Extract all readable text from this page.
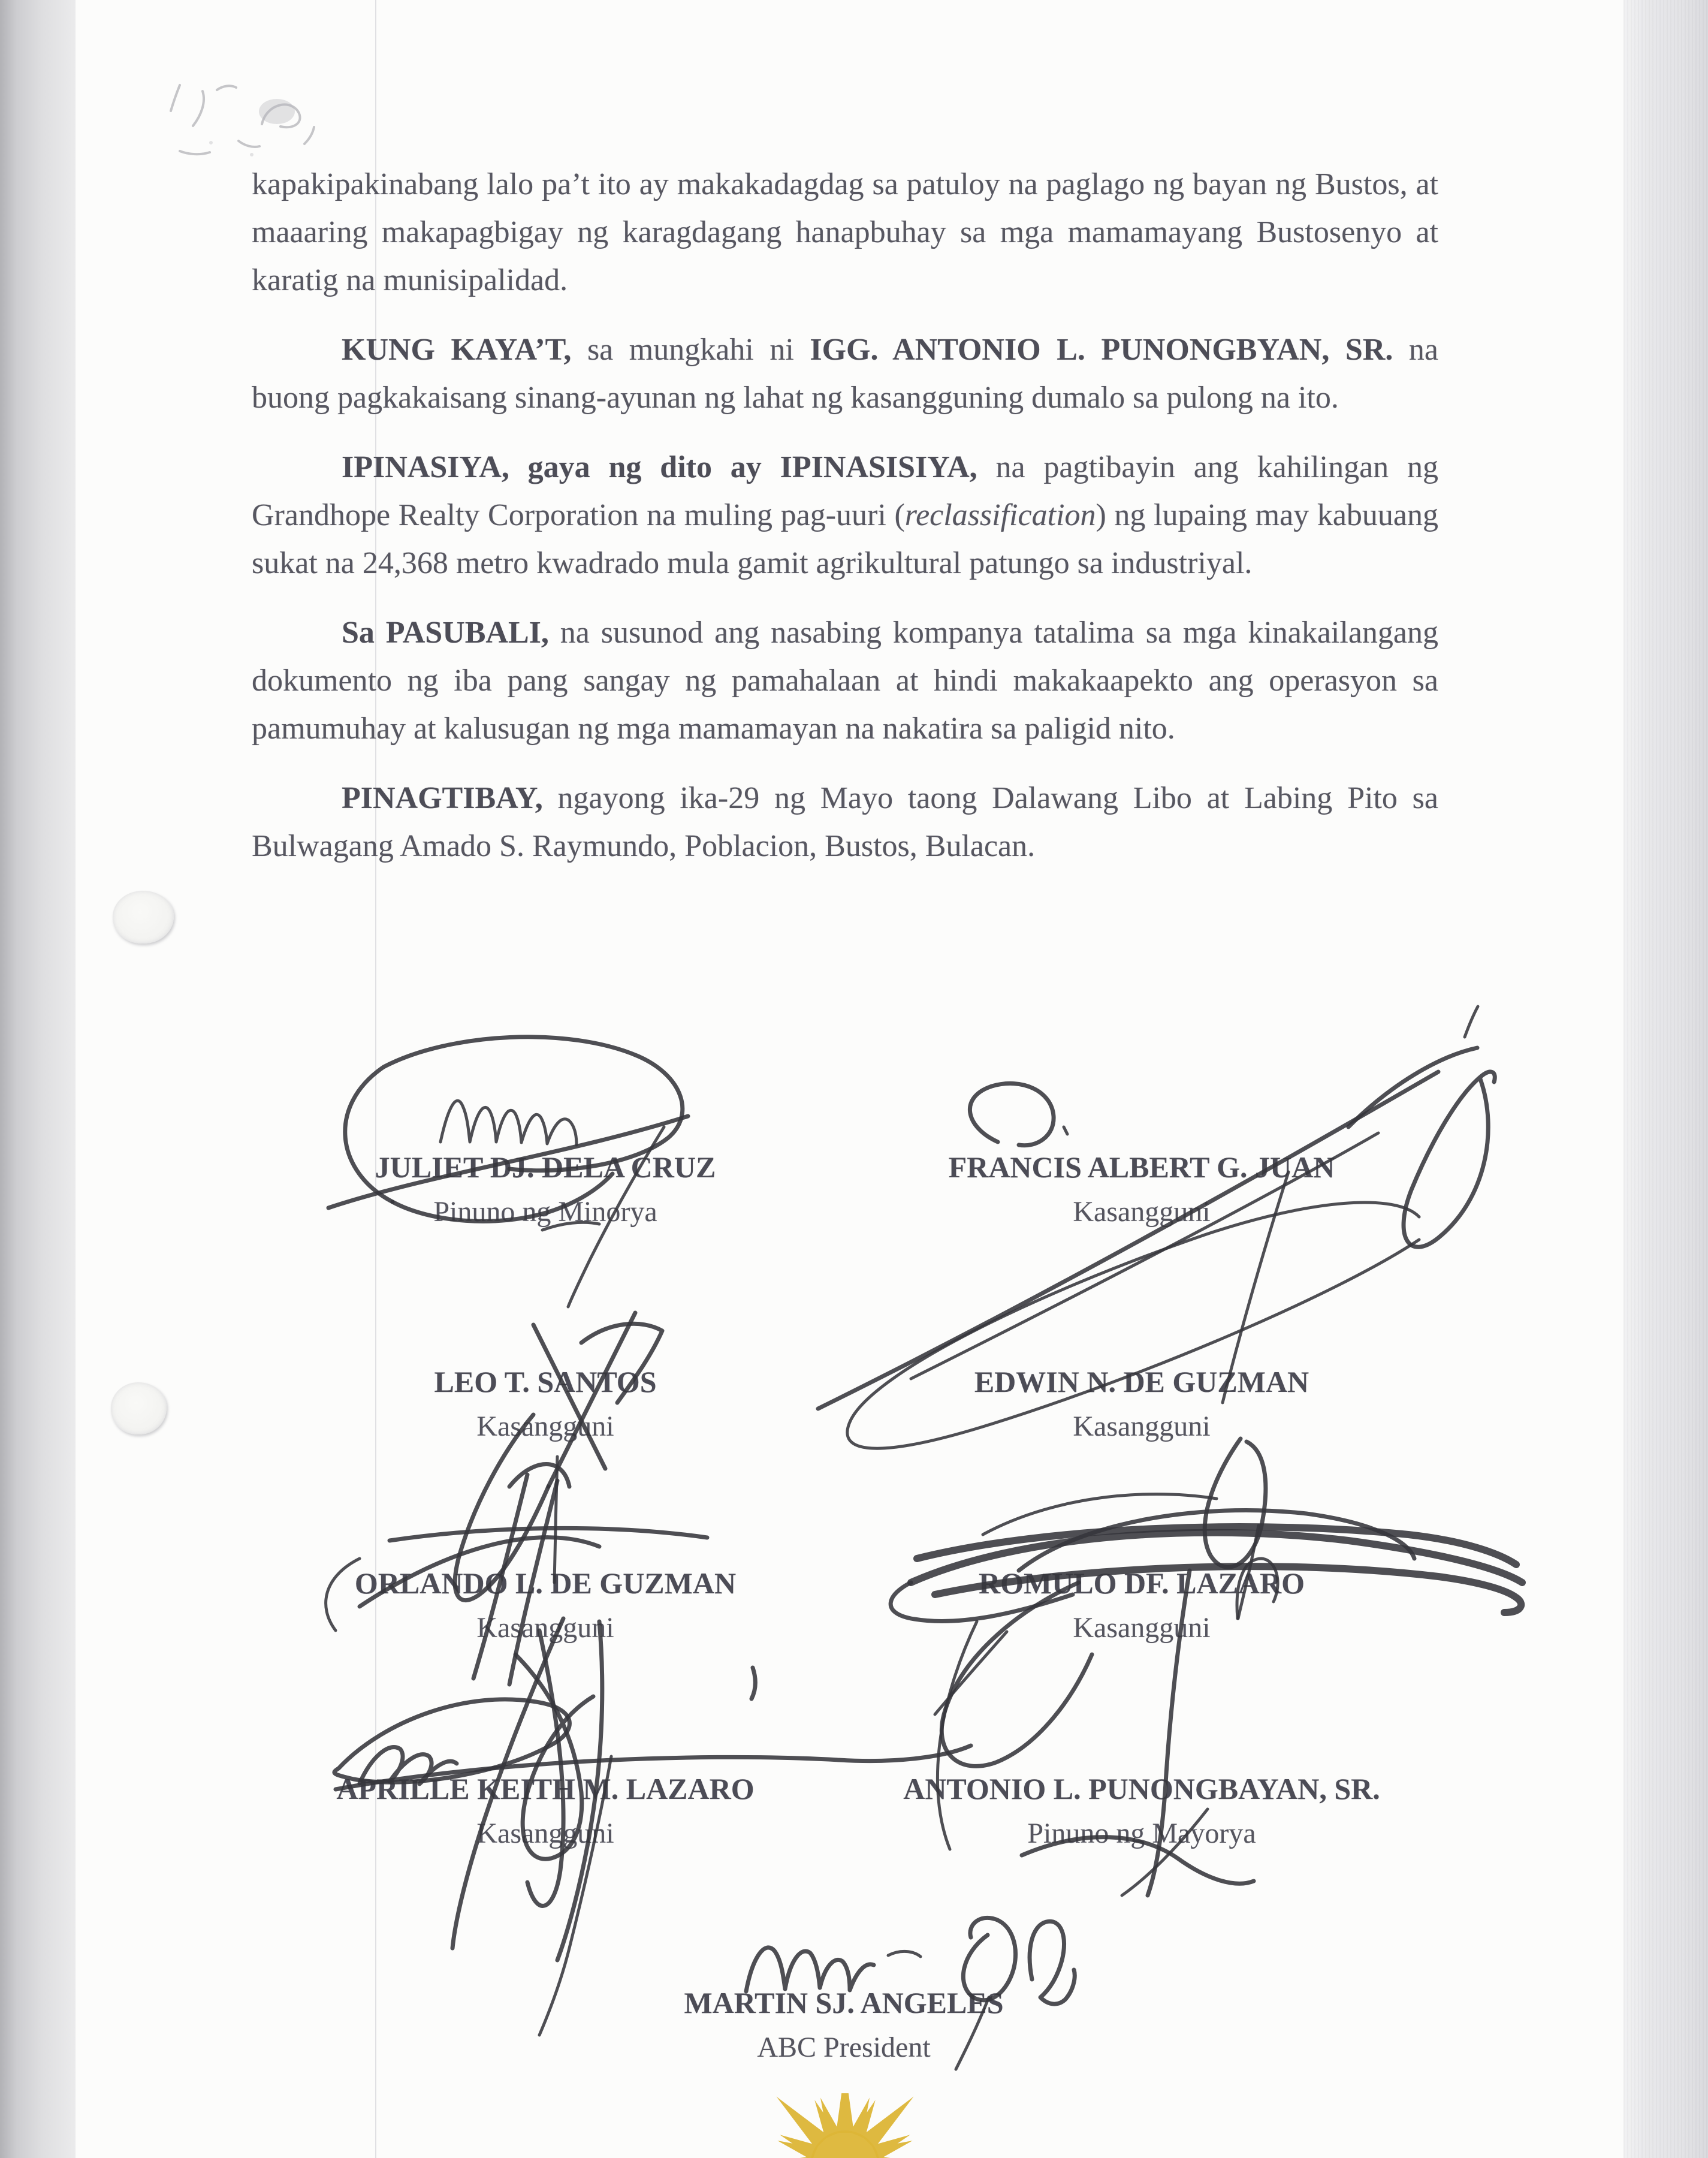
kapakipakinabang lalo pa’t ito ay makakadagdag sa patuloy na paglago ng bayan ng Bustos, at maaaring makapagbigay ng karagdagang hanapbuhay sa mga mamamayang Bustosenyo at karatig na munisipalidad.

KUNG KAYA’T, sa mungkahi ni IGG. ANTONIO L. PUNONGBYAN, SR. na buong pagkakaisang sinang-ayunan ng lahat ng kasangguning dumalo sa pulong na ito.

IPINASIYA, gaya ng dito ay IPINASISIYA, na pagtibayin ang kahilingan ng Grandhope Realty Corporation na muling pag-uuri (reclassification) ng lupaing may kabuuang sukat na 24,368 metro kwadrado mula gamit agrikultural patungo sa industriyal.

Sa PASUBALI, na susunod ang nasabing kompanya tatalima sa mga kinakailangang dokumento ng iba pang sangay ng pamahalaan at hindi makakaapekto ang operasyon sa pamumuhay at kalusugan ng mga mamamayan na nakatira sa paligid nito.

PINAGTIBAY, ngayong ika-29 ng Mayo taong Dalawang Libo at Labing Pito sa Bulwagang Amado S. Raymundo, Poblacion, Bustos, Bulacan.

JULIET DJ. DELA CRUZ
Pinuno ng Minorya
FRANCIS ALBERT G. JUAN
Kasangguni
LEO T. SANTOS
Kasangguni
EDWIN N. DE GUZMAN
Kasangguni
ORLANDO L. DE GUZMAN
Kasangguni
ROMULO DF. LAZARO
Kasangguni
APRILLE KEITH M. LAZARO
Kasangguni
ANTONIO L. PUNONGBAYAN, SR.
Pinuno ng Mayorya
MARTIN SJ. ANGELES
ABC President
